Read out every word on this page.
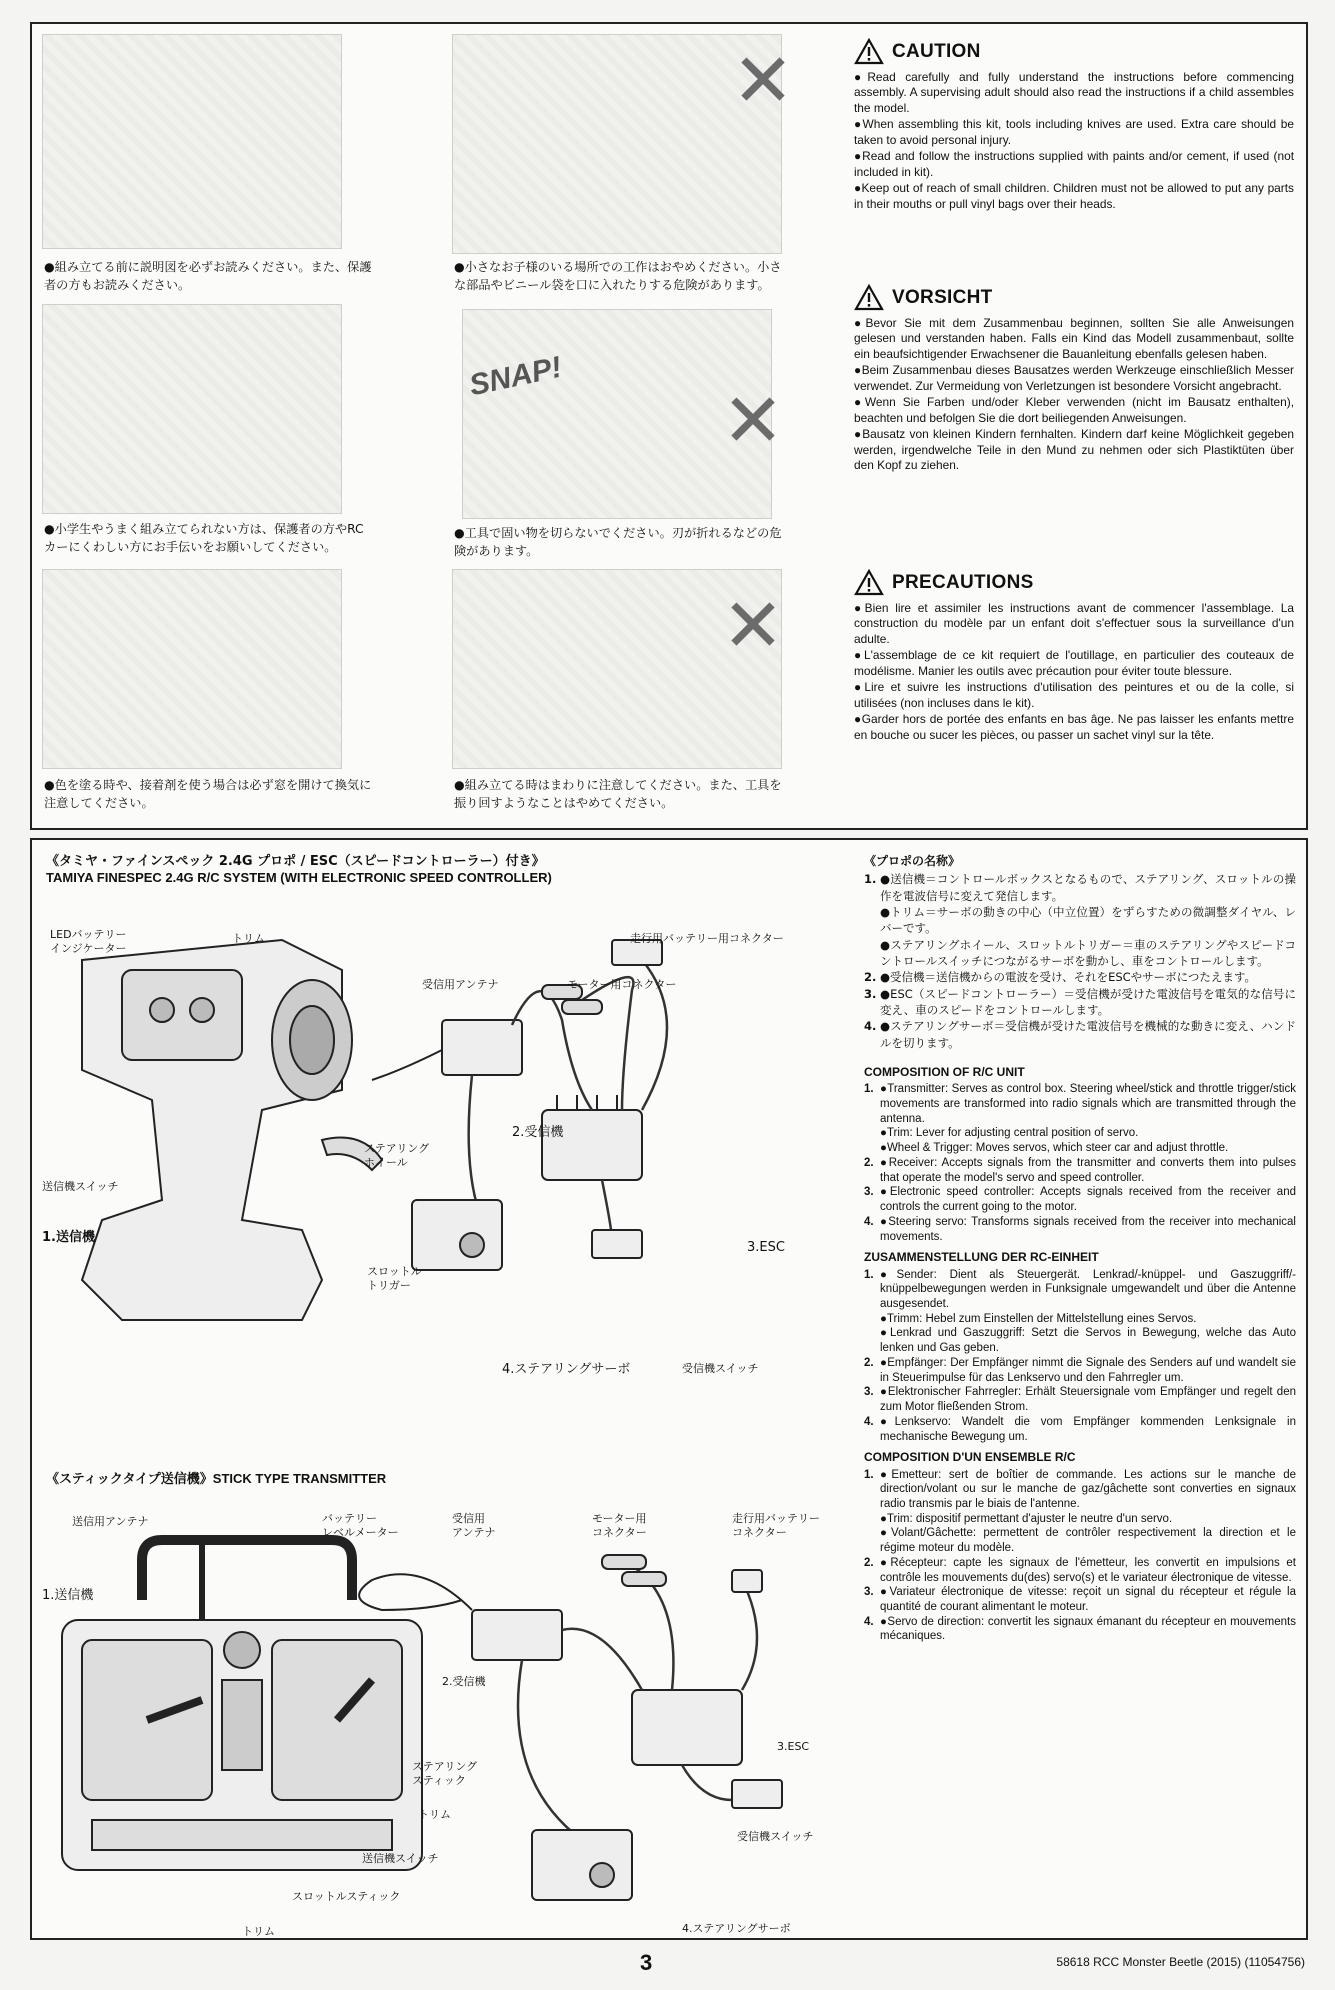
✕
SNAP!
✕
✕
●組み立てる前に説明図を必ずお読みください。また、保護者の方もお読みください。
●小さなお子様のいる場所での工作はおやめください。小さな部品やビニール袋を口に入れたりする危険があります。
●小学生やうまく組み立てられない方は、保護者の方やRCカーにくわしい方にお手伝いをお願いしてください。
●工具で固い物を切らないでください。刃が折れるなどの危険があります。
●色を塗る時や、接着剤を使う場合は必ず窓を開けて換気に注意してください。
●組み立てる時はまわりに注意してください。また、工具を振り回すようなことはやめてください。
CAUTION

●Read carefully and fully understand the instructions before commencing assembly. A supervising adult should also read the instructions if a child assembles the model.

●When assembling this kit, tools including knives are used. Extra care should be taken to avoid personal injury.

●Read and follow the instructions supplied with paints and/or cement, if used (not included in kit).

●Keep out of reach of small children. Children must not be allowed to put any parts in their mouths or pull vinyl bags over their heads.

VORSICHT

●Bevor Sie mit dem Zusammenbau beginnen, sollten Sie alle Anweisungen gelesen und verstanden haben. Falls ein Kind das Modell zusammenbaut, sollte ein beaufsichtigender Erwachsener die Bauanleitung ebenfalls gelesen haben.

●Beim Zusammenbau dieses Bausatzes werden Werkzeuge einschließlich Messer verwendet. Zur Vermeidung von Verletzungen ist besondere Vorsicht angebracht.

●Wenn Sie Farben und/oder Kleber verwenden (nicht im Bausatz enthalten), beachten und befolgen Sie die dort beiliegenden Anweisungen.

●Bausatz von kleinen Kindern fernhalten. Kindern darf keine Möglichkeit gegeben werden, irgendwelche Teile in den Mund zu nehmen oder sich Plastiktüten über den Kopf zu ziehen.

PRECAUTIONS

●Bien lire et assimiler les instructions avant de commencer l'assemblage. La construction du modèle par un enfant doit s'effectuer sous la surveillance d'un adulte.

●L'assemblage de ce kit requiert de l'outillage, en particulier des couteaux de modélisme. Manier les outils avec précaution pour éviter toute blessure.

●Lire et suivre les instructions d'utilisation des peintures et ou de la colle, si utilisées (non incluses dans le kit).

●Garder hors de portée des enfants en bas âge. Ne pas laisser les enfants mettre en bouche ou sucer les pièces, ou passer un sachet vinyl sur la tête.

《タミヤ・ファインスペック 2.4G プロポ / ESC（スピードコントローラー）付き》
TAMIYA FINESPEC 2.4G R/C SYSTEM (WITH ELECTRONIC SPEED CONTROLLER)
LEDバッテリー
インジケーター
トリム
ステアリング
ホイール
送信機スイッチ
1.送信機
スロットル
トリガー
受信用アンテナ	モーター用コネクター
走行用バッテリー用コネクター
2.受信機
3.ESC
4.ステアリングサーボ	受信機スイッチ
《スティックタイプ送信機》STICK TYPE TRANSMITTER
送信用アンテナ
1.送信機
バッテリー
レベルメーター
受信用
アンテナ
モーター用
コネクター
走行用バッテリー
コネクター
2.受信機
ステアリング
スティック
3.ESC
トリム
送信機スイッチ
受信機スイッチ
スロットルスティック
トリム	4.ステアリングサーボ
《プロポの名称》
1. ●送信機＝コントロールボックスとなるもので、ステアリング、スロットルの操作を電波信号に変えて発信します。
●トリム＝サーボの動きの中心（中立位置）をずらすための微調整ダイヤル、レバーです。
●ステアリングホイール、スロットルトリガー＝車のステアリングやスピードコントロールスイッチにつながるサーボを動かし、車をコントロールします。
2. ●受信機＝送信機からの電波を受け、それをESCやサーボにつたえます。
3. ●ESC（スピードコントローラー）＝受信機が受けた電波信号を電気的な信号に変え、車のスピードをコントロールします。
4. ●ステアリングサーボ＝受信機が受けた電波信号を機械的な動きに変え、ハンドルを切ります。
COMPOSITION OF R/C UNIT
1. ●Transmitter: Serves as control box. Steering wheel/stick and throttle trigger/stick movements are transformed into radio signals which are transmitted through the antenna.
●Trim: Lever for adjusting central position of servo.
●Wheel & Trigger: Moves servos, which steer car and adjust throttle.
2. ●Receiver: Accepts signals from the transmitter and converts them into pulses that operate the model's servo and speed controller.
3. ●Electronic speed controller: Accepts signals received from the receiver and controls the current going to the motor.
4. ●Steering servo: Transforms signals received from the receiver into mechanical movements.
ZUSAMMENSTELLUNG DER RC-EINHEIT
1. ●Sender: Dient als Steuergerät. Lenkrad/-knüppel- und Gaszuggriff/- knüppelbewegungen werden in Funksignale umgewandelt und über die Antenne ausgesendet.
●Trimm: Hebel zum Einstellen der Mittelstellung eines Servos.
●Lenkrad und Gaszuggriff: Setzt die Servos in Bewegung, welche das Auto lenken und Gas geben.
2. ●Empfänger: Der Empfänger nimmt die Signale des Senders auf und wandelt sie in Steuerimpulse für das Lenkservo und den Fahrregler um.
3. ●Elektronischer Fahrregler: Erhält Steuersignale vom Empfänger und regelt den zum Motor fließenden Strom.
4. ●Lenkservo: Wandelt die vom Empfänger kommenden Lenksignale in mechanische Bewegung um.
COMPOSITION D'UN ENSEMBLE R/C
1. ●Emetteur: sert de boîtier de commande. Les actions sur le manche de direction/volant ou sur le manche de gaz/gâchette sont converties en signaux radio transmis par le biais de l'antenne.
●Trim: dispositif permettant d'ajuster le neutre d'un servo.
●Volant/Gâchette: permettent de contrôler respectivement la direction et le régime moteur du modèle.
2. ●Récepteur: capte les signaux de l'émetteur, les convertit en impulsions et contrôle les mouvements du(des) servo(s) et le variateur électronique de vitesse.
3. ●Variateur électronique de vitesse: reçoit un signal du récepteur et régule la quantité de courant alimentant le moteur.
4. ●Servo de direction: convertit les signaux émanant du récepteur en mouvements mécaniques.
3	58618 RCC Monster Beetle (2015) (11054756)
